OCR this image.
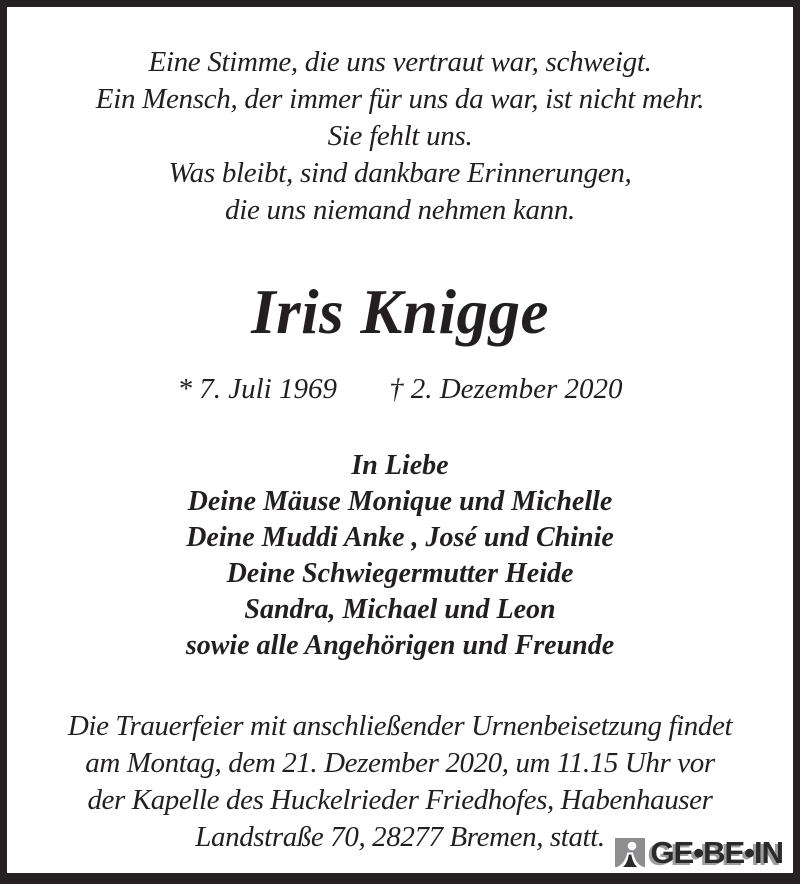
Eine Stimme, die uns vertraut war, schweigt.
Ein Mensch, der immer für uns da war, ist nicht mehr.
Sie fehlt uns.
Was bleibt, sind dankbare Erinnerungen,
die uns niemand nehmen kann.
Iris Knigge
* 7. Juli 1969 † 2. Dezember 2020
In Liebe
Deine Mäuse Monique und Michelle
Deine Muddi Anke , José und Chinie
Deine Schwiegermutter Heide
Sandra, Michael und Leon
sowie alle Angehörigen und Freunde
Die Trauerfeier mit anschließender Urnenbeisetzung findet
am Montag, dem 21. Dezember 2020, um 11.15 Uhr vor
der Kapelle des Huckelrieder Friedhofes, Habenhauser
Landstraße 70, 28277 Bremen, statt.	GE•BE•IN
